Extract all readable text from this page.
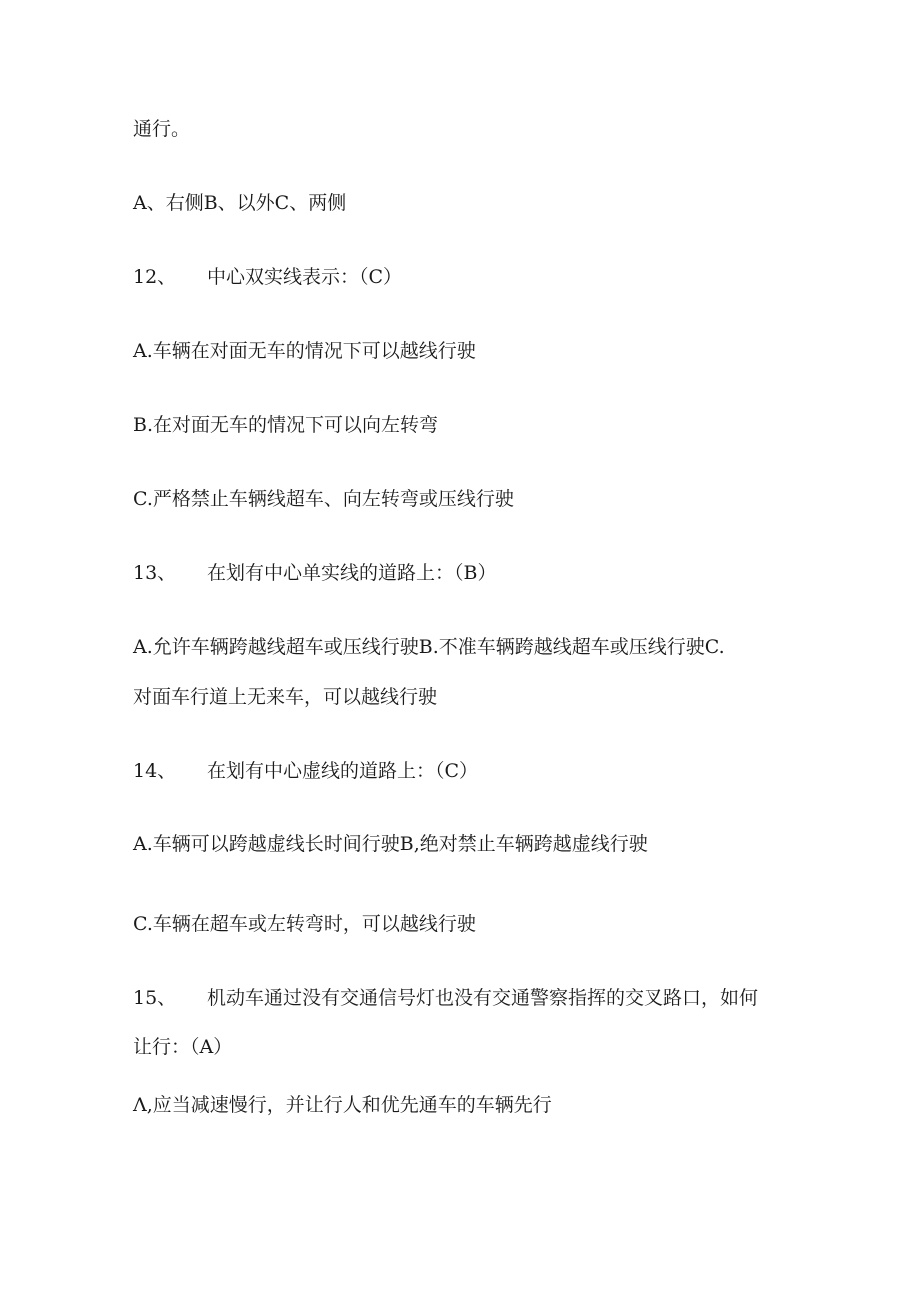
通行。
A、右侧B、以外C、两侧
12、 中心双实线表示：（C）
A.车辆在对面无车的情况下可以越线行驶
B.在对面无车的情况下可以向左转弯
C.严格禁止车辆线超车、向左转弯或压线行驶
13、 在划有中心单实线的道路上：（B）
A.允许车辆跨越线超车或压线行驶B.不准车辆跨越线超车或压线行驶C.
对面车行道上无来车，可以越线行驶
14、 在划有中心虚线的道路上：（C）
A.车辆可以跨越虚线长时间行驶B,绝对禁止车辆跨越虚线行驶
C.车辆在超车或左转弯时，可以越线行驶
15、 机动车通过没有交通信号灯也没有交通警察指挥的交叉路口，如何
让行：（A）
Λ,应当减速慢行，并让行人和优先通车的车辆先行
